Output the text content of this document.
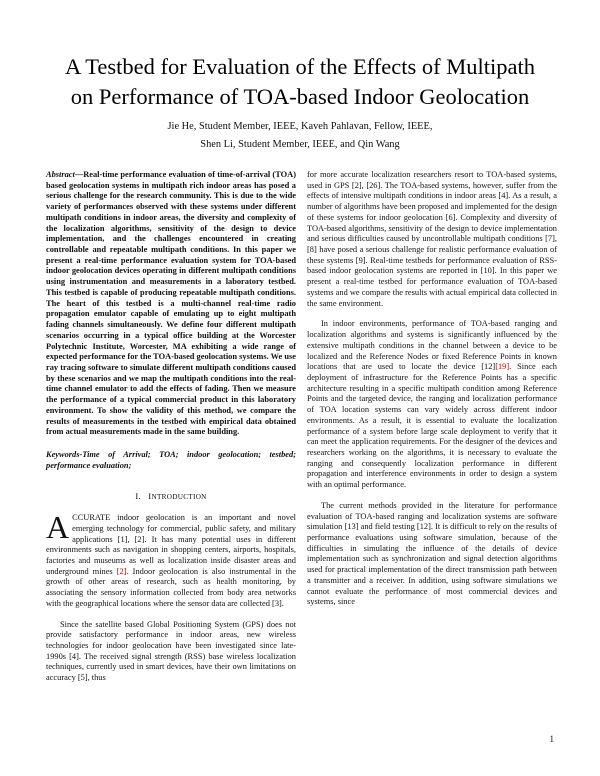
A Testbed for Evaluation of the Effects of Multipath
on Performance of TOA-based Indoor Geolocation
Jie He, Student Member, IEEE, Kaveh Pahlavan, Fellow, IEEE,
Shen Li, Student Member, IEEE, and Qin Wang

Abstract—Real-time performance evaluation of time-of-arrival (TOA) based geolocation systems in multipath rich indoor areas has posed a serious challenge for the research community. This is due to the wide variety of performances observed with these systems under different multipath conditions in indoor areas, the diversity and complexity of the localization algorithms, sensitivity of the design to device implementation, and the challenges encountered in creating controllable and repeatable multipath conditions. In this paper we present a real-time performance evaluation system for TOA-based indoor geolocation devices operating in different multipath conditions using instrumentation and measurements in a laboratory testbed. This testbed is capable of producing repeatable multipath conditions. The heart of this testbed is a multi-channel real-time radio propagation emulator capable of emulating up to eight multipath fading channels simultaneously. We define four different multipath scenarios occurring in a typical office building at the Worcester Polytechnic Institute, Worcester, MA exhibiting a wide range of expected performance for the TOA-based geolocation systems. We use ray tracing software to simulate different multipath conditions caused by these scenarios and we map the multipath conditions into the real-time channel emulator to add the effects of fading. Then we measure the performance of a typical commercial product in this laboratory environment. To show the validity of this method, we compare the results of measurements in the testbed with empirical data obtained from actual measurements made in the same building.

Keywords-Time of Arrival; TOA; indoor geolocation; testbed; performance evaluation;

I. INTRODUCTION

ACCURATE indoor geolocation is an important and novel emerging technology for commercial, public safety, and military applications [1], [2]. It has many potential uses in different environments such as navigation in shopping centers, airports, hospitals, factories and museums as well as localization inside disaster areas and underground mines [2]. Indoor geolocation is also instrumental in the growth of other areas of research, such as health monitoring, by associating the sensory information collected from body area networks with the geographical locations where the sensor data are collected [3].

Since the satellite based Global Positioning System (GPS) does not provide satisfactory performance in indoor areas, new wireless technologies for indoor geolocation have been investigated since late-1990s [4]. The received signal strength (RSS) base wireless localization techniques, currently used in smart devices, have their own limitations on accuracy [5], thus

for more accurate localization researchers resort to TOA-based systems, used in GPS [2], [26]. The TOA-based systems, however, suffer from the effects of intensive multipath conditions in indoor areas [4]. As a result, a number of algorithms have been proposed and implemented for the design of these systems for indoor geolocation [6]. Complexity and diversity of TOA-based algorithms, sensitivity of the design to device implementation and serious difficulties caused by uncontrollable multipath conditions [7], [8] have posed a serious challenge for realistic performance evaluation of these systems [9]. Real-time testbeds for performance evaluation of RSS-based indoor geolocation systems are reported in [10]. In this paper we present a real-time testbed for performance evaluation of TOA-based systems and we compare the results with actual empirical data collected in the same environment.

In indoor environments, performance of TOA-based ranging and localization algorithms and systems is significantly influenced by the extensive multipath conditions in the channel between a device to be localized and the Reference Nodes or fixed Reference Points in known locations that are used to locate the device [12][19]. Since each deployment of infrastructure for the Reference Points has a specific architecture resulting in a specific multipath condition among Reference Points and the targeted device, the ranging and localization performance of TOA location systems can vary widely across different indoor environments. As a result, it is essential to evaluate the localization performance of a system before large scale deployment to verify that it can meet the application requirements. For the designer of the devices and researchers working on the algorithms, it is necessary to evaluate the ranging and consequently localization performance in different propagation and interference environments in order to design a system with an optimal performance.

The current methods provided in the literature for performance evaluation of TOA-based ranging and localization systems are software simulation [13] and field testing [12]. It is difficult to rely on the results of performance evaluations using software simulation, because of the difficulties in simulating the influence of the details of device implementation such as synchronization and signal detection algorithms used for practical implementation of the direct transmission path between a transmitter and a receiver. In addition, using software simulations we cannot evaluate the performance of most commercial devices and systems, since

1
